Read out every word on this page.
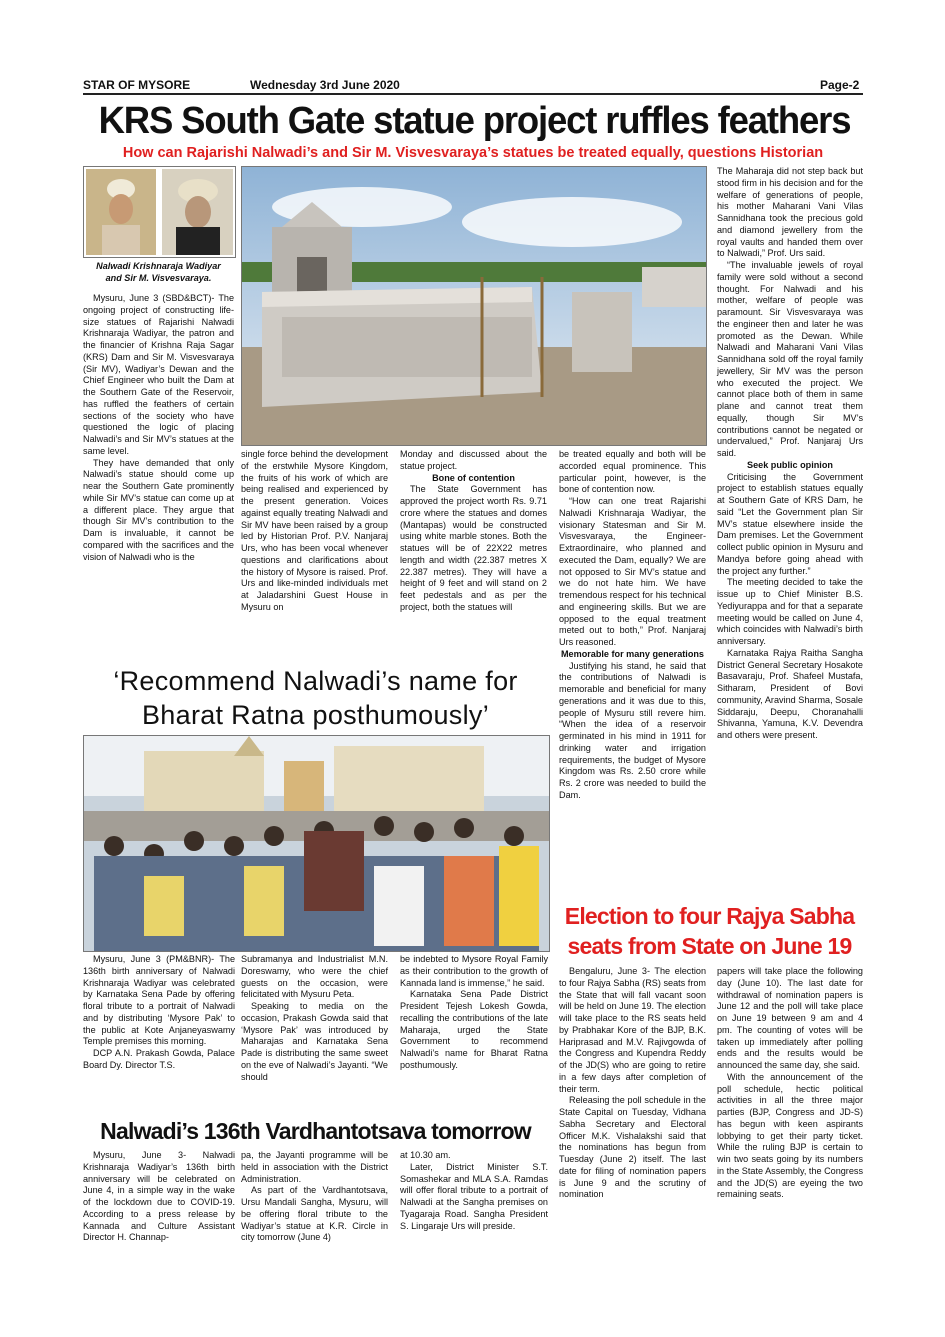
STAR OF MYSORE	Wednesday 3rd June 2020	Page-2
KRS South Gate statue project ruffles feathers
How can Rajarishi Nalwadi’s and Sir M. Visvesvaraya’s statues be treated equally, questions Historian
Nalwadi Krishnaraja Wadiyar
and Sir M. Visvesvaraya.

Mysuru, June 3 (SBD&BCT)- The ongoing project of constructing life-size statues of Rajarishi Nalwadi Krishnaraja Wadiyar, the patron and the financier of Krishna Raja Sagar (KRS) Dam and Sir M. Visvesvaraya (Sir MV), Wadiyar’s Dewan and the Chief Engineer who built the Dam at the Southern Gate of the Reservoir, has ruffled the feathers of certain sections of the society who have questioned the logic of placing Nalwadi’s and Sir MV’s statues at the same level.

They have demanded that only Nalwadi’s statue should come up near the Southern Gate prominently while Sir MV’s statue can come up at a different place. They argue that though Sir MV’s contribution to the Dam is invaluable, it cannot be compared with the sacrifices and the vision of Nalwadi who is the

single force behind the development of the erstwhile Mysore Kingdom, the fruits of his work of which are being realised and experienced by the present generation. Voices against equally treating Nalwadi and Sir MV have been raised by a group led by Historian Prof. P.V. Nanjaraj Urs, who has been vocal whenever questions and clarifications about the history of Mysore is raised. Prof. Urs and like-minded individuals met at Jaladarshini Guest House in Mysuru on

Monday and discussed about the statue project.

Bone of contention

The State Government has approved the project worth Rs. 9.71 crore where the statues and domes (Mantapas) would be constructed using white marble stones. Both the statues will be of 22X22 metres length and width (22.387 metres X 22.387 metres). They will have a height of 9 feet and will stand on 2 feet pedestals and as per the project, both the statues will

be treated equally and both will be accorded equal prominence. This particular point, however, is the bone of contention now.

“How can one treat Rajarishi Nalwadi Krishnaraja Wadiyar, the visionary Statesman and Sir M. Visvesvaraya, the Engineer-Extraordinaire, who planned and executed the Dam, equally? We are not opposed to Sir MV’s statue and we do not hate him. We have tremendous respect for his technical and engineering skills. But we are opposed to the equal treatment meted out to both,” Prof. Nanjaraj Urs reasoned.

Memorable for many generations

Justifying his stand, he said that the contributions of Nalwadi is memorable and beneficial for many generations and it was due to this, people of Mysuru still revere him. “When the idea of a reservoir germinated in his mind in 1911 for drinking water and irrigation requirements, the budget of Mysore Kingdom was Rs. 2.50 crore while Rs. 2 crore was needed to build the Dam.

The Maharaja did not step back but stood firm in his decision and for the welfare of generations of people, his mother Maharani Vani Vilas Sannidhana took the precious gold and diamond jewellery from the royal vaults and handed them over to Nalwadi,” Prof. Urs said.

“The invaluable jewels of royal family were sold without a second thought. For Nalwadi and his mother, welfare of people was paramount. Sir Visvesvaraya was the engineer then and later he was promoted as the Dewan. While Nalwadi and Maharani Vani Vilas Sannidhana sold off the royal family jewellery, Sir MV was the person who executed the project. We cannot place both of them in same plane and cannot treat them equally, though Sir MV’s contributions cannot be negated or undervalued,” Prof. Nanjaraj Urs said.

Seek public opinion

Criticising the Government project to establish statues equally at Southern Gate of KRS Dam, he said “Let the Government plan Sir MV’s statue elsewhere inside the Dam premises. Let the Government collect public opinion in Mysuru and Mandya before going ahead with the project any further.”

The meeting decided to take the issue up to Chief Minister B.S. Yediyurappa and for that a separate meeting would be called on June 4, which coincides with Nalwadi’s birth anniversary.

Karnataka Rajya Raitha Sangha District General Secretary Hosakote Basavaraju, Prof. Shafeel Mustafa, Sitharam, President of Bovi community, Aravind Sharma, Sosale Siddaraju, Deepu, Choranahalli Shivanna, Yamuna, K.V. Devendra and others were present.

‘Recommend Nalwadi’s name for
Bharat Ratna posthumously’

Mysuru, June 3 (PM&BNR)- The 136th birth anniversary of Nalwadi Krishnaraja Wadiyar was celebrated by Karnataka Sena Pade by offering floral tribute to a portrait of Nalwadi and by distributing ‘Mysore Pak’ to the public at Kote Anjaneyaswamy Temple premises this morning.

DCP A.N. Prakash Gowda, Palace Board Dy. Director T.S.

Subramanya and Industrialist M.N. Doreswamy, who were the chief guests on the occasion, were felicitated with Mysuru Peta.

Speaking to media on the occasion, Prakash Gowda said that ‘Mysore Pak’ was introduced by Maharajas and Karnataka Sena Pade is distributing the same sweet on the eve of Nalwadi’s Jayanti. “We should

be indebted to Mysore Royal Family as their contribution to the growth of Kannada land is immense,” he said.

Karnataka Sena Pade District President Tejesh Lokesh Gowda, recalling the contributions of the late Maharaja, urged the State Government to recommend Nalwadi’s name for Bharat Ratna posthumously.

Nalwadi’s 136th Vardhantotsava tomorrow

Mysuru, June 3- Nalwadi Krishnaraja Wadiyar’s 136th birth anniversary will be celebrated on June 4, in a simple way in the wake of the lockdown due to COVID-19. According to a press release by Kannada and Culture Assistant Director H. Channap-

pa, the Jayanti programme will be held in association with the District Administration.

As part of the Vardhantotsava, Ursu Mandali Sangha, Mysuru, will be offering floral tribute to the Wadiyar’s statue at K.R. Circle in city tomorrow (June 4)

at 10.30 am.

Later, District Minister S.T. Somashekar and MLA S.A. Ramdas will offer floral tribute to a portrait of Nalwadi at the Sangha premises on Tyagaraja Road. Sangha President S. Lingaraje Urs will preside.

Election to four Rajya Sabha
seats from State on June 19

Bengaluru, June 3- The election to four Rajya Sabha (RS) seats from the State that will fall vacant soon will be held on June 19. The election will take place to the RS seats held by Prabhakar Kore of the BJP, B.K. Hariprasad and M.V. Rajivgowda of the Congress and Kupendra Reddy of the JD(S) who are going to retire in a few days after completion of their term.

Releasing the poll schedule in the State Capital on Tuesday, Vidhana Sabha Secretary and Electoral Officer M.K. Vishalakshi said that the nominations has begun from Tuesday (June 2) itself. The last date for filing of nomination papers is June 9 and the scrutiny of nomination

papers will take place the following day (June 10). The last date for withdrawal of nomination papers is June 12 and the poll will take place on June 19 between 9 am and 4 pm. The counting of votes will be taken up immediately after polling ends and the results would be announced the same day, she said.

With the announcement of the poll schedule, hectic political activities in all the three major parties (BJP, Congress and JD-S) has begun with keen aspirants lobbying to get their party ticket. While the ruling BJP is certain to win two seats going by its numbers in the State Assembly, the Congress and the JD(S) are eyeing the two remaining seats.
